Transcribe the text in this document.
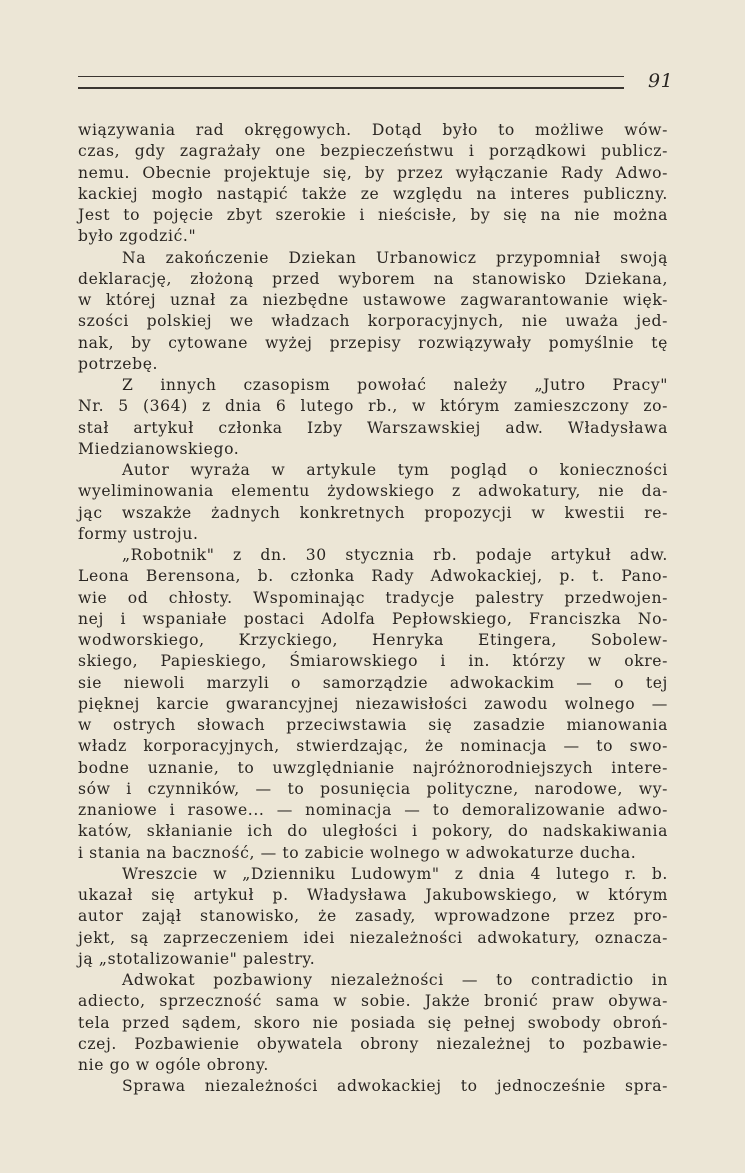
91
wiązywania rad okręgowych. Dotąd było to możliwe wów-
czas, gdy zagrażały one bezpieczeństwu i porządkowi publicz-
nemu. Obecnie projektuje się, by przez wyłączanie Rady Adwo-
kackiej mogło nastąpić także ze względu na interes publiczny.
Jest to pojęcie zbyt szerokie i nieścisłe, by się na nie można
było zgodzić."
Na zakończenie Dziekan Urbanowicz przypomniał swoją
deklarację, złożoną przed wyborem na stanowisko Dziekana,
w której uznał za niezbędne ustawowe zagwarantowanie więk-
szości polskiej we władzach korporacyjnych, nie uważa jed-
nak, by cytowane wyżej przepisy rozwiązywały pomyślnie tę
potrzebę.
Z innych czasopism powołać należy „Jutro Pracy"
Nr. 5 (364) z dnia 6 lutego rb., w którym zamieszczony zo-
stał artykuł członka Izby Warszawskiej adw. Władysława
Miedzianowskiego.
Autor wyraża w artykule tym pogląd o konieczności
wyeliminowania elementu żydowskiego z adwokatury, nie da-
jąc wszakże żadnych konkretnych propozycji w kwestii re-
formy ustroju.
„Robotnik" z dn. 30 stycznia rb. podaje artykuł adw.
Leona Berensona, b. członka Rady Adwokackiej, p. t. Pano-
wie od chłosty. Wspominając tradycje palestry przedwojen-
nej i wspaniałe postaci Adolfa Pepłowskiego, Franciszka No-
wodworskiego, Krzyckiego, Henryka Etingera, Sobolew-
skiego, Papieskiego, Śmiarowskiego i in. którzy w okre-
sie niewoli marzyli o samorządzie adwokackim — o tej
pięknej karcie gwarancyjnej niezawisłości zawodu wolnego —
w ostrych słowach przeciwstawia się zasadzie mianowania
władz korporacyjnych, stwierdzając, że nominacja — to swo-
bodne uznanie, to uwzględnianie najróżnorodniejszych intere-
sów i czynników, — to posunięcia polityczne, narodowe, wy-
znaniowe i rasowe... — nominacja — to demoralizowanie adwo-
katów, skłanianie ich do uległości i pokory, do nadskakiwania
i stania na baczność, — to zabicie wolnego w adwokaturze ducha.
Wreszcie w „Dzienniku Ludowym" z dnia 4 lutego r. b.
ukazał się artykuł p. Władysława Jakubowskiego, w którym
autor zajął stanowisko, że zasady, wprowadzone przez pro-
jekt, są zaprzeczeniem idei niezależności adwokatury, oznacza-
ją „stotalizowanie" palestry.
Adwokat pozbawiony niezależności — to contradictio in
adiecto, sprzeczność sama w sobie. Jakże bronić praw obywa-
tela przed sądem, skoro nie posiada się pełnej swobody obroń-
czej. Pozbawienie obywatela obrony niezależnej to pozbawie-
nie go w ogóle obrony.
Sprawa niezależności adwokackiej to jednocześnie spra-
